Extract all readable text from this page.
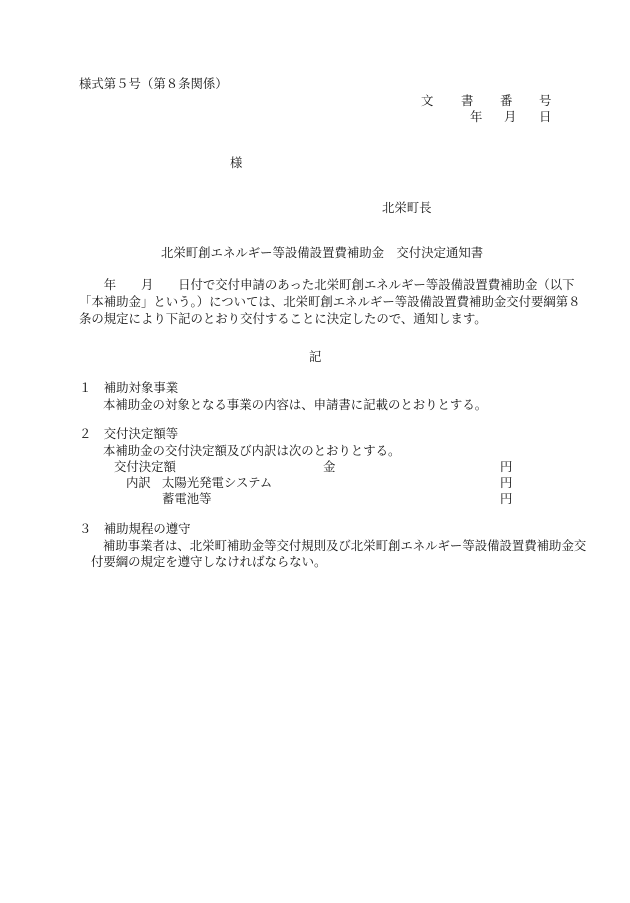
様式第５号（第８条関係）
文 書 番 号
年 月 日
様
北栄町長
北栄町創エネルギー等設備設置費補助金　交付決定通知書
　　年　　月　　日付で交付申請のあった北栄町創エネルギー等設備設置費補助金（以下
「本補助金」という。）については、北栄町創エネルギー等設備設置費補助金交付要綱第８
条の規定により下記のとおり交付することに決定したので、通知します。
記
１　補助対象事業
本補助金の対象となる事業の内容は、申請書に記載のとおりとする。
２　交付決定額等
本補助金の交付決定額及び内訳は次のとおりとする。
交付決定額	金	円
内訳 太陽光発電システム	円
蓄電池等	円
３　補助規程の遵守
補助事業者は、北栄町補助金等交付規則及び北栄町創エネルギー等設備設置費補助金交
付要綱の規定を遵守しなければならない。
